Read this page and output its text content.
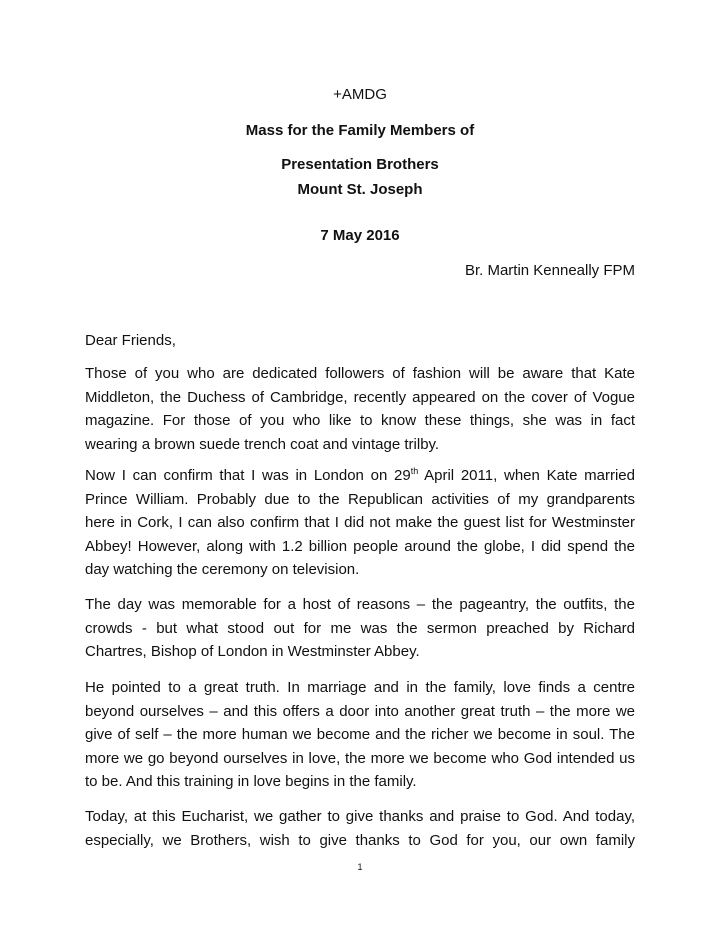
+AMDG
Mass for the Family Members of
Presentation Brothers
Mount St. Joseph
7 May 2016
Br. Martin Kenneally FPM
Dear Friends,
Those of you who are dedicated followers of fashion will be aware that Kate
Middleton, the Duchess of Cambridge, recently appeared on the cover of Vogue
magazine. For those of you who like to know these things, she was in fact
wearing a brown suede trench coat and vintage trilby.
Now I can confirm that I was in London on 29th April 2011, when Kate married
Prince William. Probably due to the Republican activities of my grandparents
here in Cork, I can also confirm that I did not make the guest list for Westminster
Abbey! However, along with 1.2 billion people around the globe, I did spend the
day watching the ceremony on television.
The day was memorable for a host of reasons – the pageantry, the outfits, the
crowds - but what stood out for me was the sermon preached by Richard
Chartres, Bishop of London in Westminster Abbey.
He pointed to a great truth. In marriage and in the family, love finds a centre
beyond ourselves – and this offers a door into another great truth – the more we
give of self – the more human we become and the richer we become in soul. The
more we go beyond ourselves in love, the more we become who God intended us
to be. And this training in love begins in the family.
Today, at this Eucharist, we gather to give thanks and praise to God. And today,
especially, we Brothers, wish to give thanks to God for you, our own family
1
